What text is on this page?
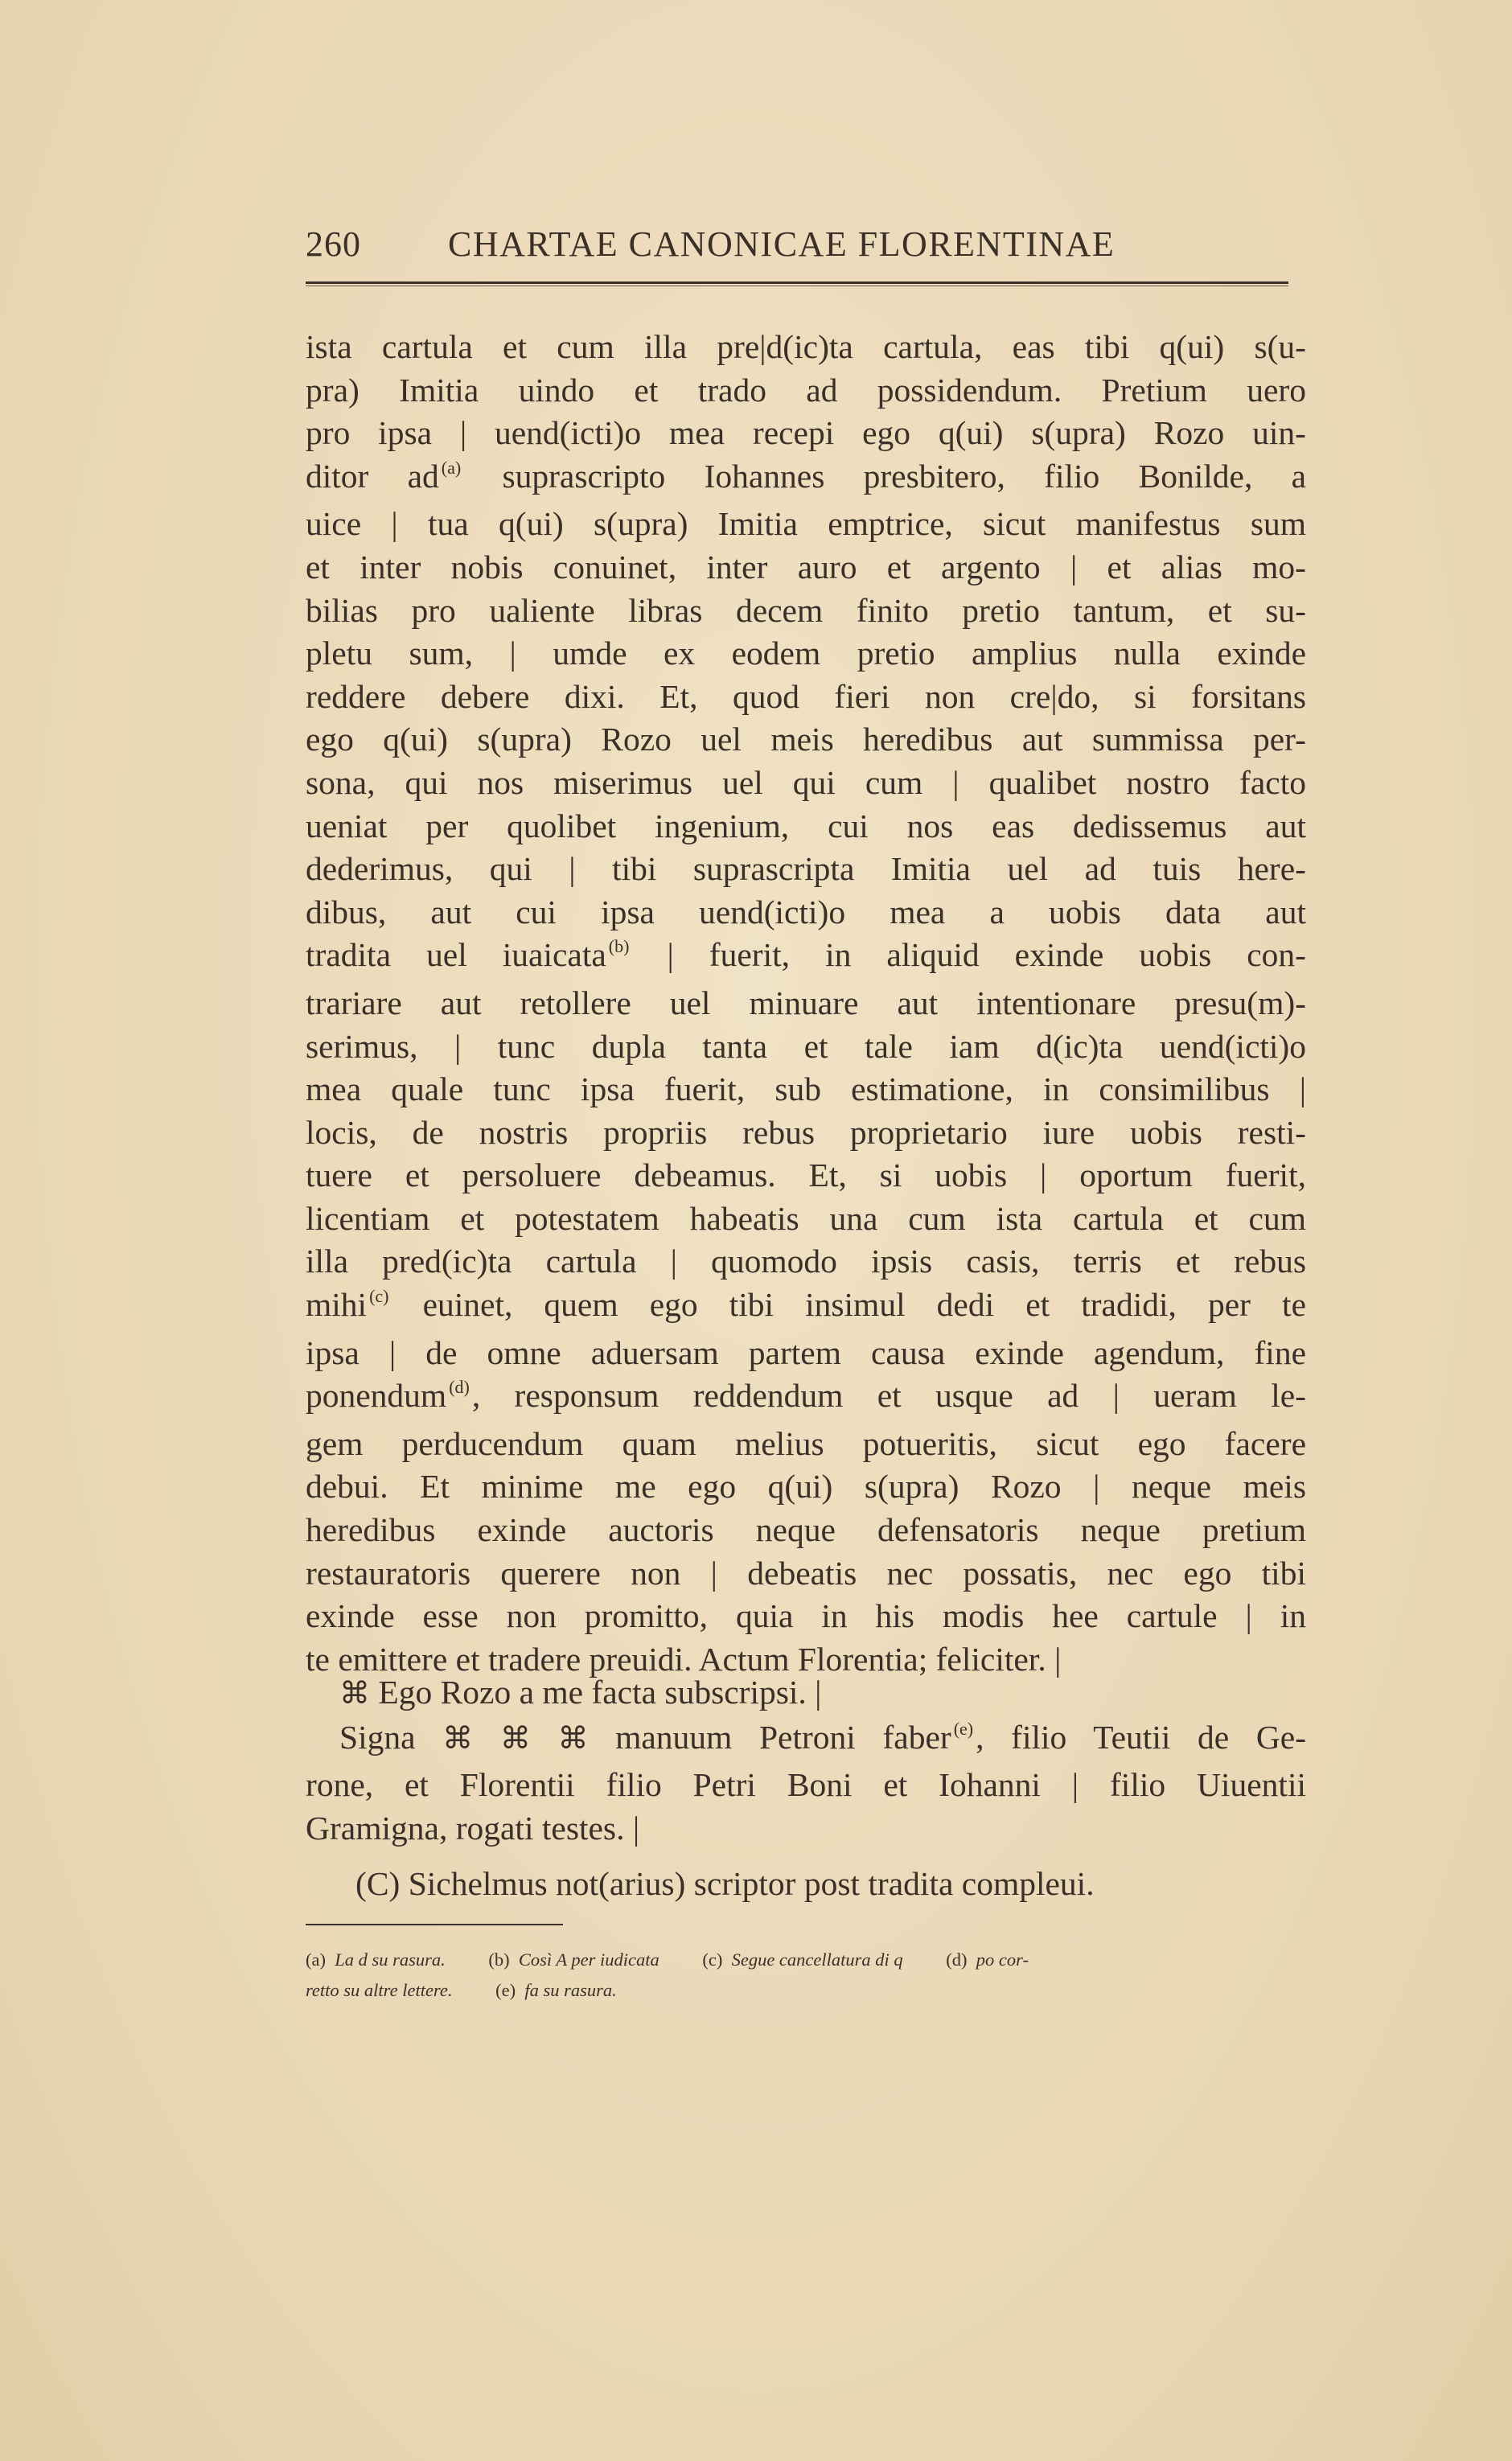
260 CHARTAE CANONICAE FLORENTINAE
ista cartula et cum illa pre|d(ic)ta cartula, eas tibi q(ui) s(u-
pra) Imitia uindo et trado ad possidendum. Pretium uero
pro ipsa | uend(icti)o mea recepi ego q(ui) s(upra) Rozo uin-
ditor ad $^{(a)}$ suprascripto Iohannes presbitero, filio Bonilde, a
uice | tua q(ui) s(upra) Imitia emptrice, sicut manifestus sum
et inter nobis conuinet, inter auro et argento | et alias mo-
bilias pro ualiente libras decem finito pretio tantum, et su-
pletu sum, | umde ex eodem pretio amplius nulla exinde
reddere debere dixi. Et, quod fieri non cre|do, si forsitans
ego q(ui) s(upra) Rozo uel meis heredibus aut summissa per-
sona, qui nos miserimus uel qui cum | qualibet nostro facto
ueniat per quolibet ingenium, cui nos eas dedissemus aut
dederimus, qui | tibi suprascripta Imitia uel ad tuis here-
dibus, aut cui ipsa uend(icti)o mea a uobis data aut
tradita uel iuaicata $^{(b)}$ | fuerit, in aliquid exinde uobis con-
trariare aut retollere uel minuare aut intentionare presu(m)-
serimus, | tunc dupla tanta et tale iam d(ic)ta uend(icti)o
mea quale tunc ipsa fuerit, sub estimatione, in consimilibus |
locis, de nostris propriis rebus proprietario iure uobis resti-
tuere et persoluere debeamus. Et, si uobis | oportum fuerit,
licentiam et potestatem habeatis una cum ista cartula et cum
illa pred(ic)ta cartula | quomodo ipsis casis, terris et rebus
mihi $^{(c)}$ euinet, quem ego tibi insimul dedi et tradidi, per te
ipsa | de omne aduersam partem causa exinde agendum, fine
ponendum $^{(d)}$, responsum reddendum et usque ad | ueram le-
gem perducendum quam melius potueritis, sicut ego facere
debui. Et minime me ego q(ui) s(upra) Rozo | neque meis
heredibus exinde auctoris neque defensatoris neque pretium
restauratoris querere non | debeatis nec possatis, nec ego tibi
exinde esse non promitto, quia in his modis hee cartule | in
te emittere et tradere preuidi. Actum Florentia; feliciter. |
⌘ Ego Rozo a me facta subscripsi. |
Signa ⌘ ⌘ ⌘ manuum Petroni faber $^{(e)}$, filio Teutii de Ge-
rone, et Florentii filio Petri Boni et Iohanni | filio Uiuentii
Gramigna, rogati testes. |
(C) Sichelmus not(arius) scriptor post tradita compleui.
(a) La d su rasura. (b) Così A per iudicata (c) Segue cancellatura di q (d) po cor-
retto su altre lettere. (e) fa su rasura.
